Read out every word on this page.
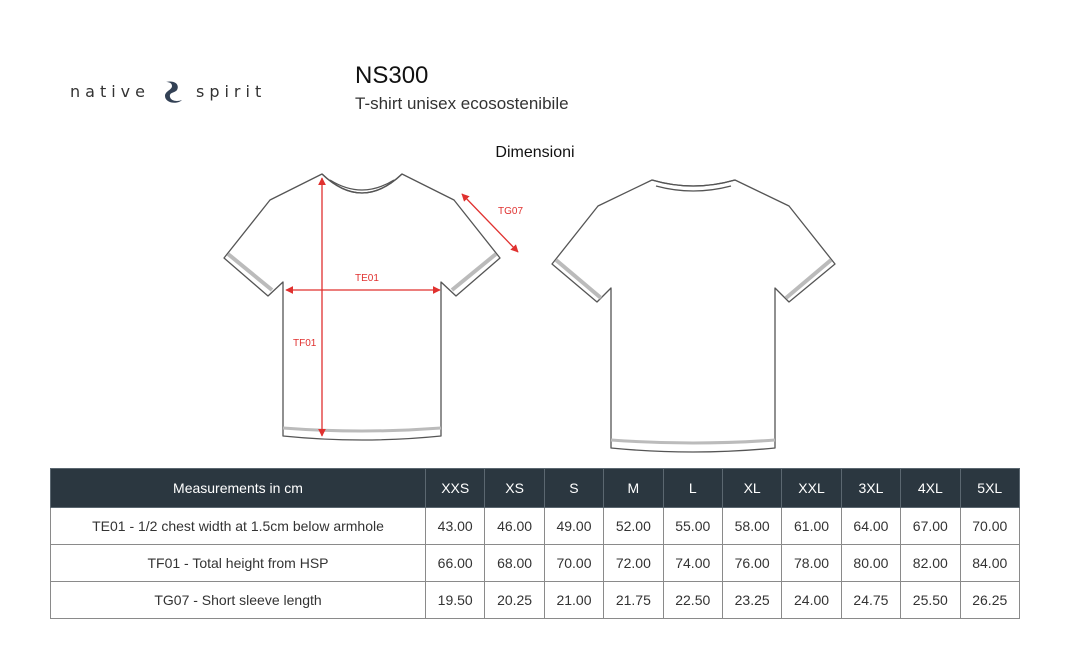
native	spirit
NS300
T-shirt unisex ecosostenibile
Dimensioni
TE01
TF01
TG07
Measurements in cm	XXS	XS	S	M	L	XL	XXL	3XL	4XL	5XL
TE01 - 1/2 chest width at 1.5cm below armhole	43.00	46.00	49.00	52.00	55.00	58.00	61.00	64.00	67.00	70.00
TF01 - Total height from HSP	66.00	68.00	70.00	72.00	74.00	76.00	78.00	80.00	82.00	84.00
TG07 - Short sleeve length	19.50	20.25	21.00	21.75	22.50	23.25	24.00	24.75	25.50	26.25
